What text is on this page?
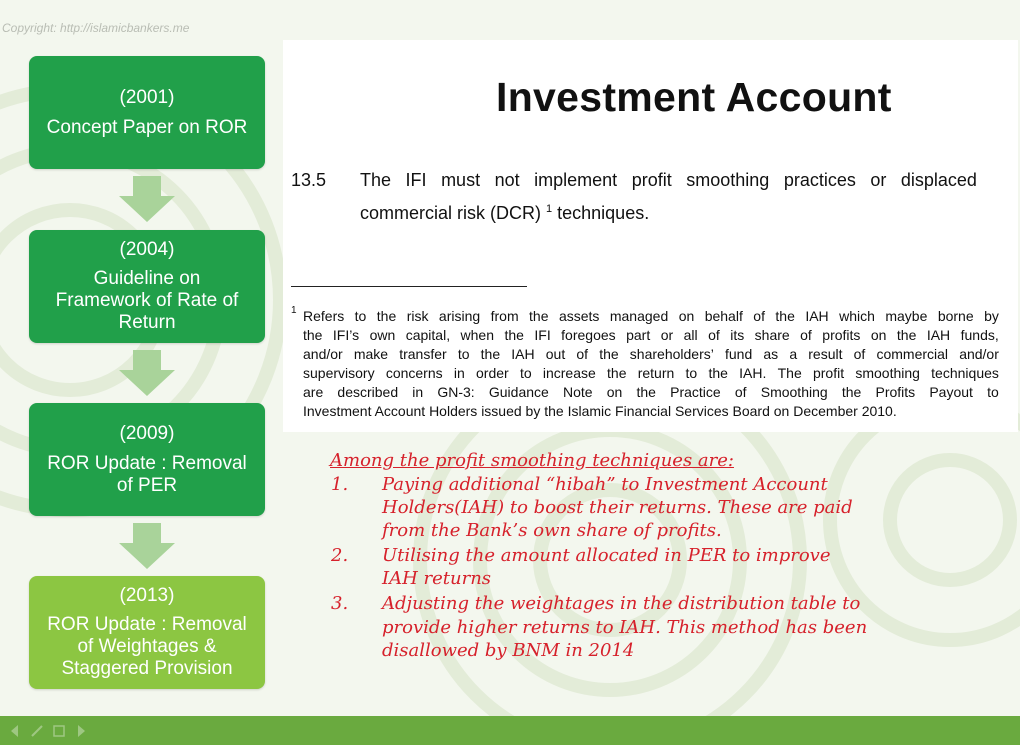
Copyright: http://islamicbankers.me
(2001)
Concept Paper on ROR
(2004)
Guideline on
Framework of Rate of
Return
(2009)
ROR Update : Removal
of PER
(2013)
ROR Update : Removal
of Weightages &
Staggered Provision
Investment Account
13.5 The IFI must not implement profit smoothing practices or displaced
commercial risk (DCR) $^1$ techniques.
1 Refers to the risk arising from the assets managed on behalf of the IAH which maybe borne by
the IFI’s own capital, when the IFI foregoes part or all of its share of profits on the IAH funds,
and/or make transfer to the IAH out of the shareholders’ fund as a result of commercial and/or
supervisory concerns in order to increase the return to the IAH. The profit smoothing techniques
are described in GN-3: Guidance Note on the Practice of Smoothing the Profits Payout to
Investment Account Holders issued by the Islamic Financial Services Board on December 2010.
Among the profit smoothing techniques are:
1. Paying additional “hibah” to Investment Account
Holders(IAH) to boost their returns. These are paid
from the Bank’s own share of profits.
2. Utilising the amount allocated in PER to improve
IAH returns
3. Adjusting the weightages in the distribution table to
provide higher returns to IAH. This method has been
disallowed by BNM in 2014
